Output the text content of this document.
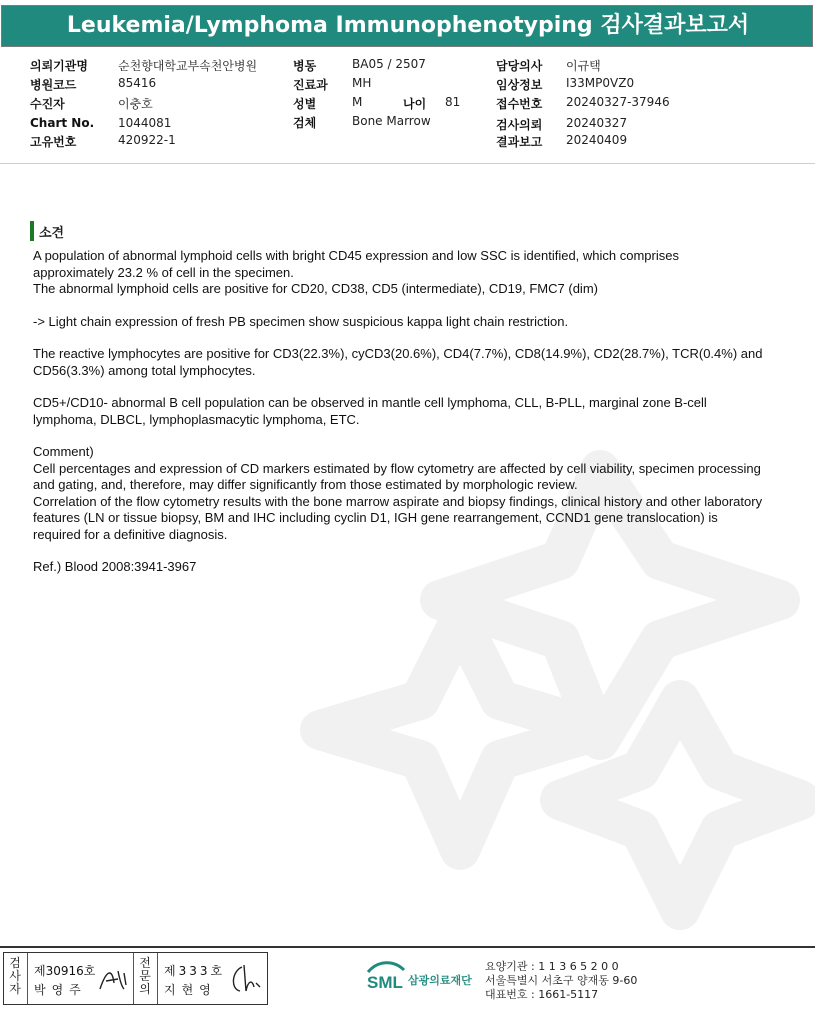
Leukemia/Lymphoma Immunophenotyping 검사결과보고서
의뢰기관명	순천향대학교부속천안병원
병원코드	85416
수진자	이충호
Chart No. 1044081
고유번호	420922-1
병동	BA05 / 2507
진료과 MH
성별	M	나이 81
검체	Bone Marrow
담당의사 이규택
임상정보 I33MP0VZ0
접수번호 20240327-37946
검사의뢰 20240327
결과보고 20240409
소견

A population of abnormal lymphoid cells with bright CD45 expression and low SSC is identified, which comprises approximately 23.2 % of cell in the specimen.

The abnormal lymphoid cells are positive for CD20, CD38, CD5 (intermediate), CD19, FMC7 (dim)

-> Light chain expression of fresh PB specimen show suspicious kappa light chain restriction.

The reactive lymphocytes are positive for CD3(22.3%), cyCD3(20.6%), CD4(7.7%), CD8(14.9%), CD2(28.7%), TCR(0.4%) and CD56(3.3%) among total lymphocytes.

CD5+/CD10- abnormal B cell population can be observed in mantle cell lymphoma, CLL, B-PLL, marginal zone B-cell lymphoma, DLBCL, lymphoplasmacytic lymphoma, ETC.

Comment)

Cell percentages and expression of CD markers estimated by flow cytometry are affected by cell viability, specimen processing and gating, and, therefore, may differ significantly from those estimated by morphologic review.

Correlation of the flow cytometry results with the bone marrow aspirate and biopsy findings, clinical history and other laboratory features (LN or tissue biopsy, BM and IHC including cyclin D1, IGH gene rearrangement, CCND1 gene translocation) is required for a definitive diagnosis.

Ref.) Blood 2008:3941-3967

검사자
제30916호
박영주
전문의
제333호
지현영	SML 삼광의료재단
요양기관 : 1 1 3 6 5 2 0 0
서울특별시 서초구 양재동 9-60
대표번호 : 1661-5117
